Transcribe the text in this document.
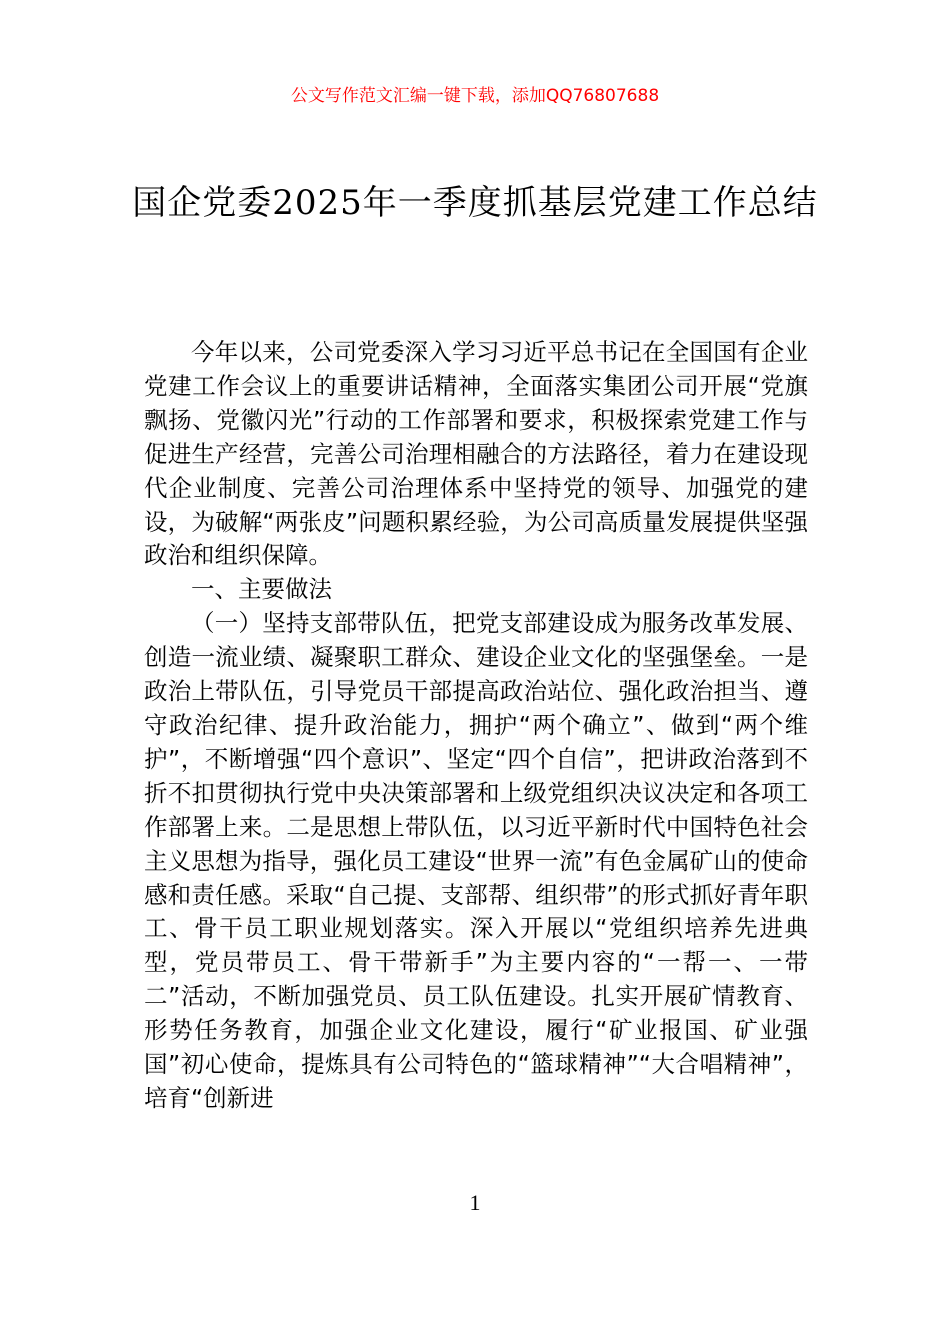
公文写作范文汇编一键下载，添加QQ76807688
国企党委2025年一季度抓基层党建工作总结

今年以来，公司党委深入学习习近平总书记在全国国有企业党建工作会议上的重要讲话精神，全面落实集团公司开展“党旗飘扬、党徽闪光”行动的工作部署和要求，积极探索党建工作与促进生产经营，完善公司治理相融合的方法路径，着力在建设现代企业制度、完善公司治理体系中坚持党的领导、加强党的建设，为破解“两张皮”问题积累经验，为公司高质量发展提供坚强政治和组织保障。

一、主要做法

（一）坚持支部带队伍，把党支部建设成为服务改革发展、创造一流业绩、凝聚职工群众、建设企业文化的坚强堡垒。一是政治上带队伍，引导党员干部提高政治站位、强化政治担当、遵守政治纪律、提升政治能力，拥护“两个确立”、做到“两个维护”，不断增强“四个意识”、坚定“四个自信”，把讲政治落到不折不扣贯彻执行党中央决策部署和上级党组织决议决定和各项工作部署上来。二是思想上带队伍，以习近平新时代中国特色社会主义思想为指导，强化员工建设“世界一流”有色金属矿山的使命感和责任感。采取“自己提、支部帮、组织带”的形式抓好青年职工、骨干员工职业规划落实。深入开展以“党组织培养先进典型，党员带员工、骨干带新手”为主要内容的“一帮一、一带二”活动，不断加强党员、员工队伍建设。扎实开展矿情教育、形势任务教育，加强企业文化建设，履行“矿业报国、矿业强国”初心使命，提炼具有公司特色的“篮球精神”“大合唱精神”，培育“创新进

1
